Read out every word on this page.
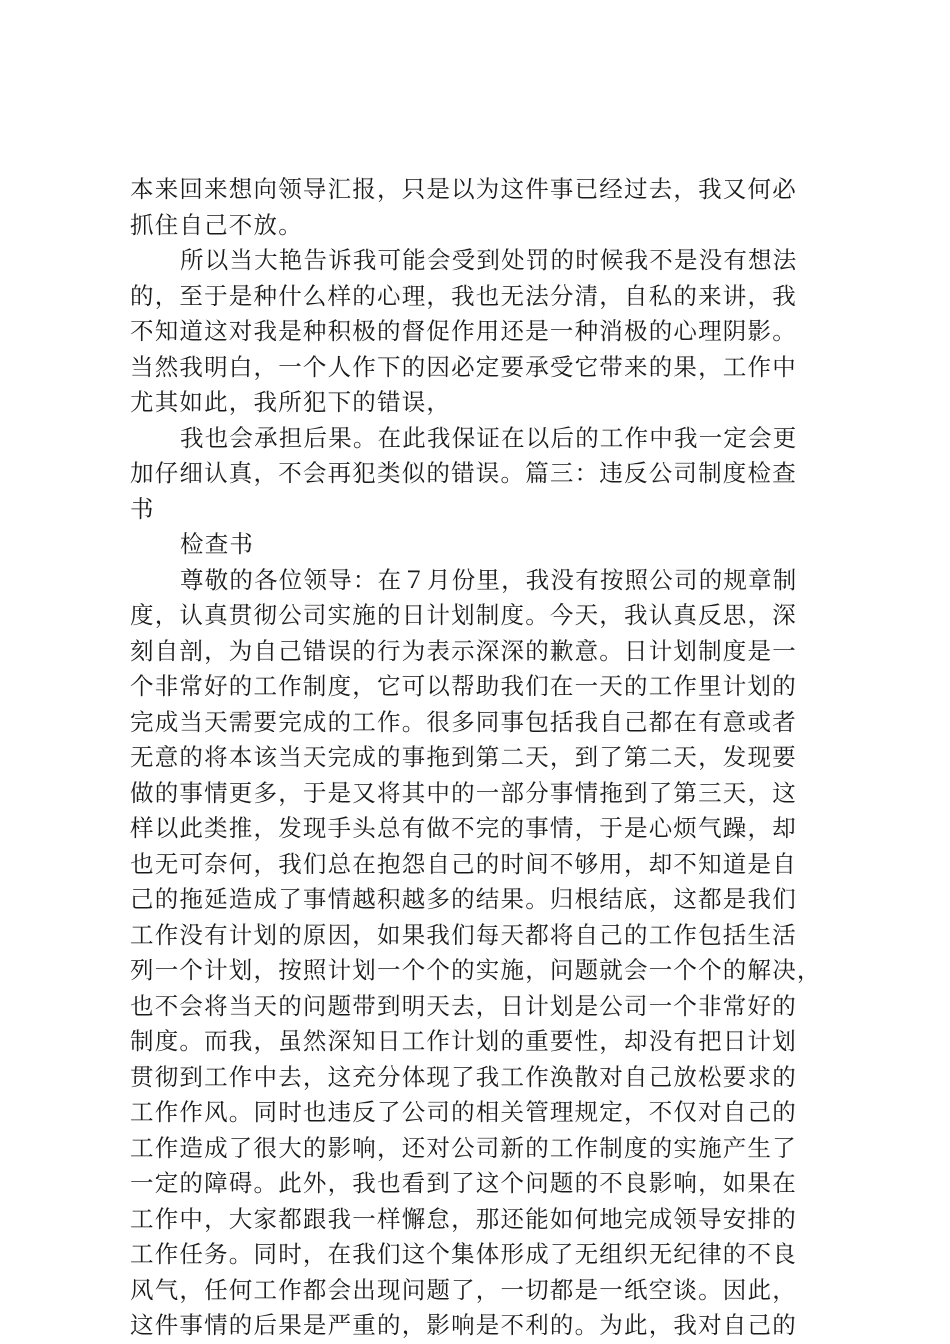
本来回来想向领导汇报，只是以为这件事已经过去，我又何必
抓住自己不放。
所以当大艳告诉我可能会受到处罚的时候我不是没有想法
的，至于是种什么样的心理，我也无法分清，自私的来讲，我
不知道这对我是种积极的督促作用还是一种消极的心理阴影。
当然我明白，一个人作下的因必定要承受它带来的果，工作中
尤其如此，我所犯下的错误，
我也会承担后果。在此我保证在以后的工作中我一定会更
加仔细认真，不会再犯类似的错误。篇三：违反公司制度检查
书
检查书
尊敬的各位领导：在７月份里，我没有按照公司的规章制
度，认真贯彻公司实施的日计划制度。今天，我认真反思，深
刻自剖，为自己错误的行为表示深深的歉意。日计划制度是一
个非常好的工作制度，它可以帮助我们在一天的工作里计划的
完成当天需要完成的工作。很多同事包括我自己都在有意或者
无意的将本该当天完成的事拖到第二天，到了第二天，发现要
做的事情更多，于是又将其中的一部分事情拖到了第三天，这
样以此类推，发现手头总有做不完的事情，于是心烦气躁，却
也无可奈何，我们总在抱怨自己的时间不够用，却不知道是自
己的拖延造成了事情越积越多的结果。归根结底，这都是我们
工作没有计划的原因，如果我们每天都将自己的工作包括生活
列一个计划，按照计划一个个的实施，问题就会一个个的解决，
也不会将当天的问题带到明天去，日计划是公司一个非常好的
制度。而我，虽然深知日工作计划的重要性，却没有把日计划
贯彻到工作中去，这充分体现了我工作涣散对自己放松要求的
工作作风。同时也违反了公司的相关管理规定，不仅对自己的
工作造成了很大的影响，还对公司新的工作制度的实施产生了
一定的障碍。此外，我也看到了这个问题的不良影响，如果在
工作中，大家都跟我一样懈怠，那还能如何地完成领导安排的
工作任务。同时，在我们这个集体形成了无组织无纪律的不良
风气，任何工作都会出现问题了，一切都是一纸空谈。因此，
这件事情的后果是严重的，影响是不利的。为此，我对自己的
